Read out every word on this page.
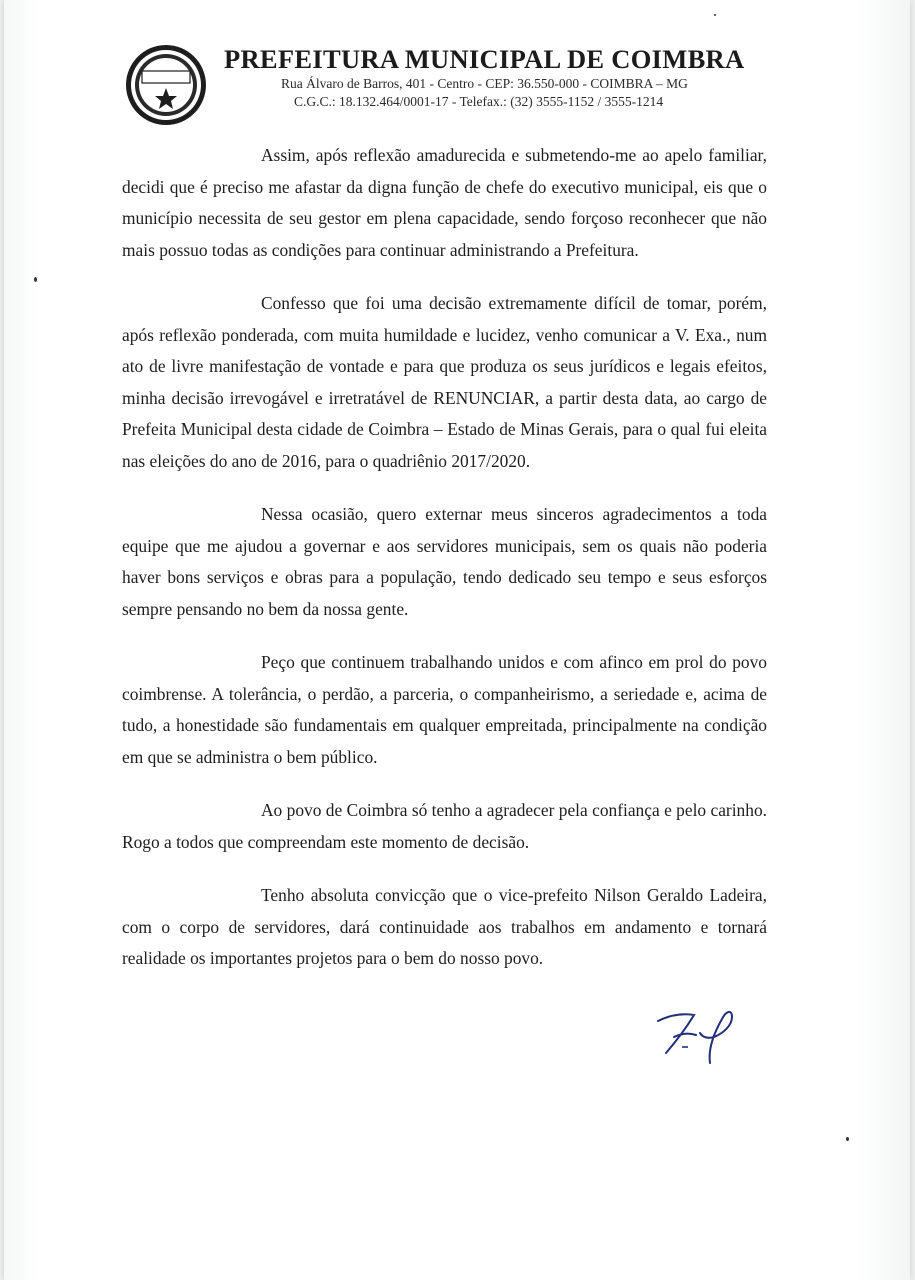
PREFEITURA MUNICIPAL DE COIMBRA
Rua Álvaro de Barros, 401 - Centro - CEP: 36.550-000 - COIMBRA – MG
C.G.C.: 18.132.464/0001-17 - Telefax.: (32) 3555-1152 / 3555-1214

Assim, após reflexão amadurecida e submetendo-me ao apelo familiar, decidi que é preciso me afastar da digna função de chefe do executivo municipal, eis que o município necessita de seu gestor em plena capacidade, sendo forçoso reconhecer que não mais possuo todas as condições para continuar administrando a Prefeitura.

Confesso que foi uma decisão extremamente difícil de tomar, porém, após reflexão ponderada, com muita humildade e lucidez, venho comunicar a V. Exa., num ato de livre manifestação de vontade e para que produza os seus jurídicos e legais efeitos, minha decisão irrevogável e irretratável de RENUNCIAR, a partir desta data, ao cargo de Prefeita Municipal desta cidade de Coimbra – Estado de Minas Gerais, para o qual fui eleita nas eleições do ano de 2016, para o quadriênio 2017/2020.

Nessa ocasião, quero externar meus sinceros agradecimentos a toda equipe que me ajudou a governar e aos servidores municipais, sem os quais não poderia haver bons serviços e obras para a população, tendo dedicado seu tempo e seus esforços sempre pensando no bem da nossa gente.

Peço que continuem trabalhando unidos e com afinco em prol do povo coimbrense. A tolerância, o perdão, a parceria, o companheirismo, a seriedade e, acima de tudo, a honestidade são fundamentais em qualquer empreitada, principalmente na condição em que se administra o bem público.

Ao povo de Coimbra só tenho a agradecer pela confiança e pelo carinho. Rogo a todos que compreendam este momento de decisão.

Tenho absoluta convicção que o vice-prefeito Nilson Geraldo Ladeira, com o corpo de servidores, dará continuidade aos trabalhos em andamento e tornará realidade os importantes projetos para o bem do nosso povo.
